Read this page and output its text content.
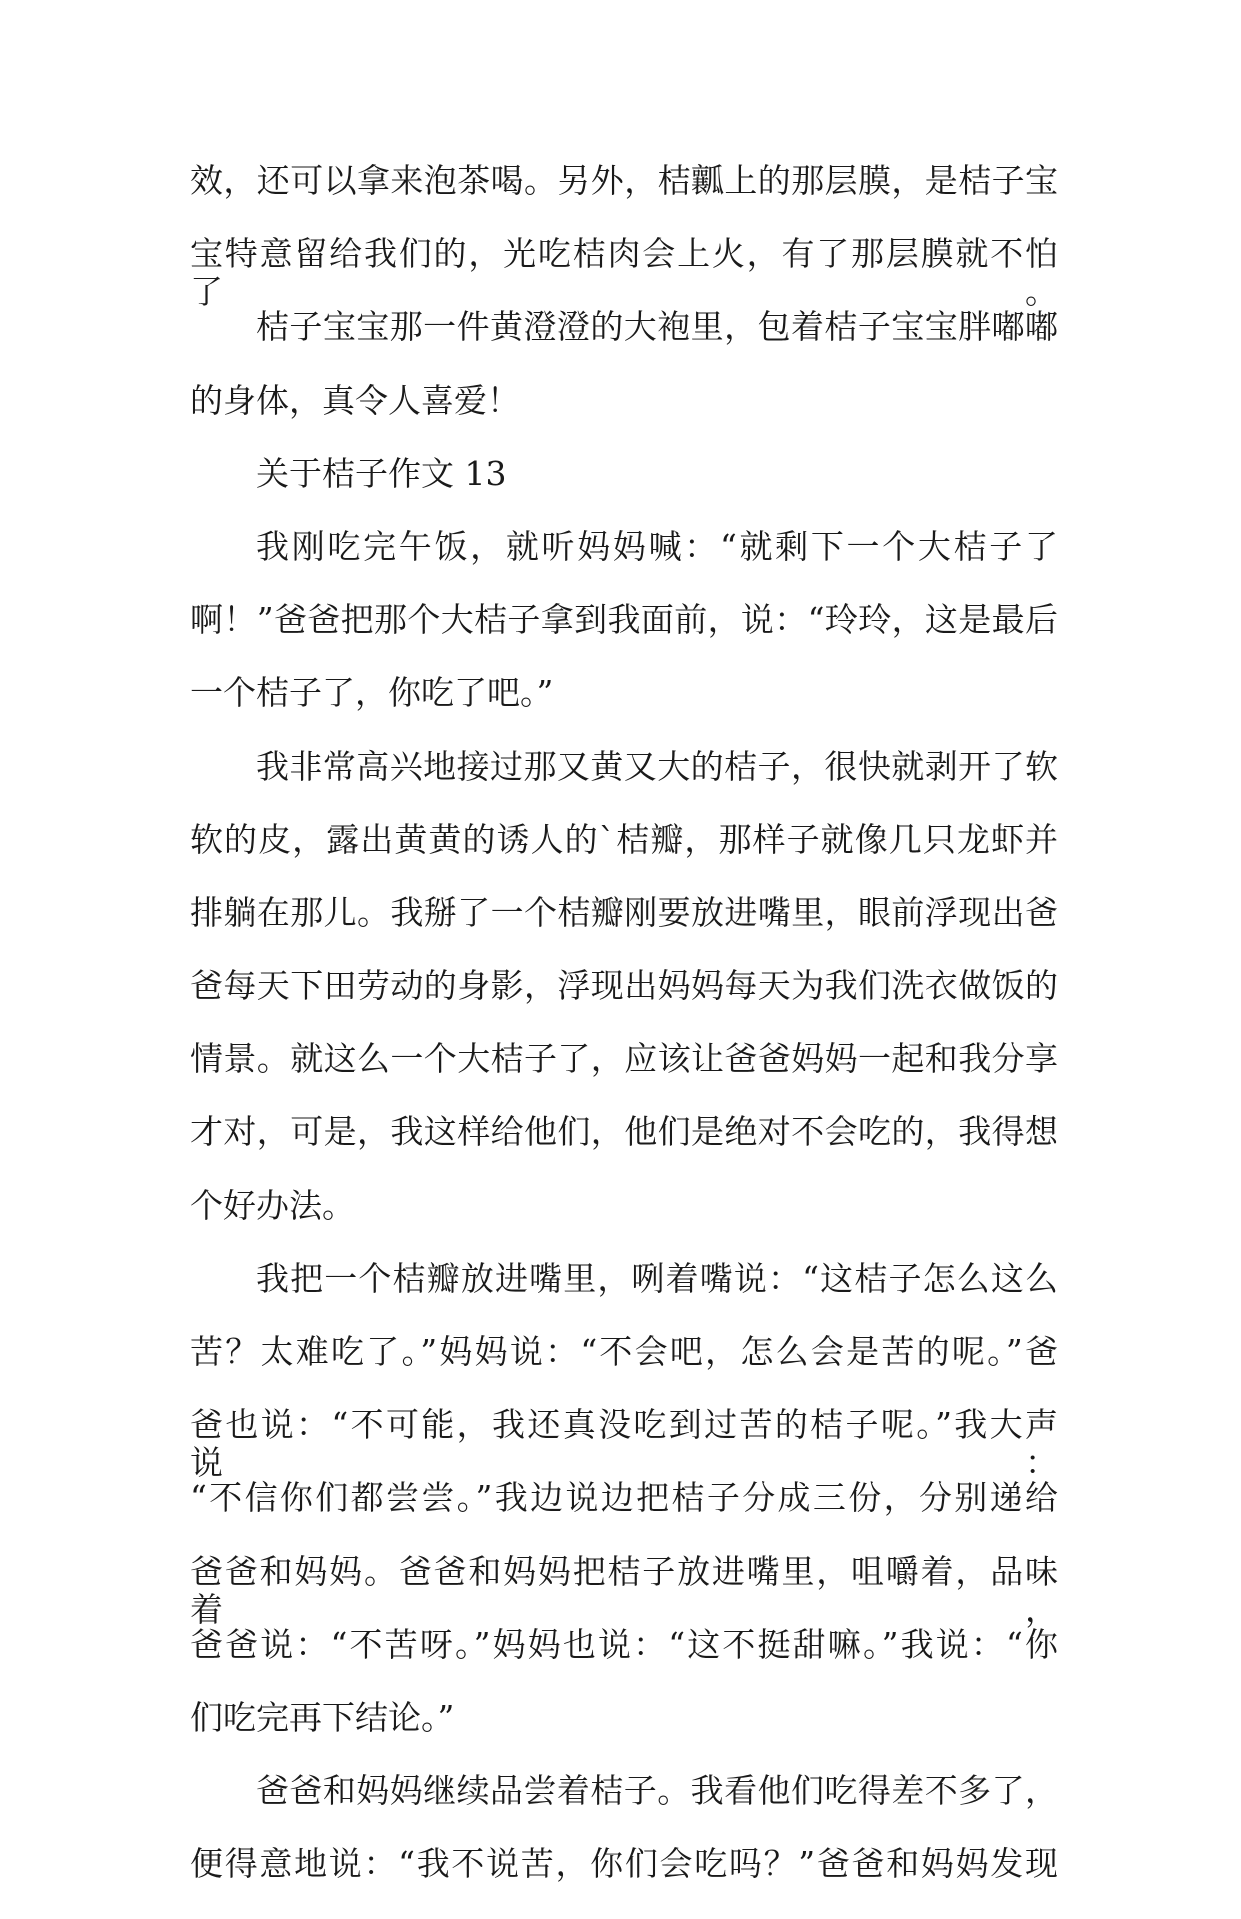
效，还可以拿来泡茶喝。另外，桔瓤上的那层膜，是桔子宝
宝特意留给我们的，光吃桔肉会上火，有了那层膜就不怕了。
桔子宝宝那一件黄澄澄的大袍里，包着桔子宝宝胖嘟嘟
的身体，真令人喜爱！
关于桔子作文 13
我刚吃完午饭，就听妈妈喊：“就剩下一个大桔子了
啊！”爸爸把那个大桔子拿到我面前，说：“玲玲，这是最后
一个桔子了，你吃了吧。”
我非常高兴地接过那又黄又大的桔子，很快就剥开了软
软的皮，露出黄黄的诱人的`桔瓣，那样子就像几只龙虾并
排躺在那儿。我掰了一个桔瓣刚要放进嘴里，眼前浮现出爸
爸每天下田劳动的身影，浮现出妈妈每天为我们洗衣做饭的
情景。就这么一个大桔子了，应该让爸爸妈妈一起和我分享
才对，可是，我这样给他们，他们是绝对不会吃的，我得想
个好办法。
我把一个桔瓣放进嘴里，咧着嘴说：“这桔子怎么这么
苦？太难吃了。”妈妈说：“不会吧，怎么会是苦的呢。”爸
爸也说：“不可能，我还真没吃到过苦的桔子呢。”我大声说：
“不信你们都尝尝。”我边说边把桔子分成三份，分别递给
爸爸和妈妈。爸爸和妈妈把桔子放进嘴里，咀嚼着，品味着，
爸爸说：“不苦呀。”妈妈也说：“这不挺甜嘛。”我说：“你
们吃完再下结论。”
爸爸和妈妈继续品尝着桔子。我看他们吃得差不多了，
便得意地说：“我不说苦，你们会吃吗？”爸爸和妈妈发现
